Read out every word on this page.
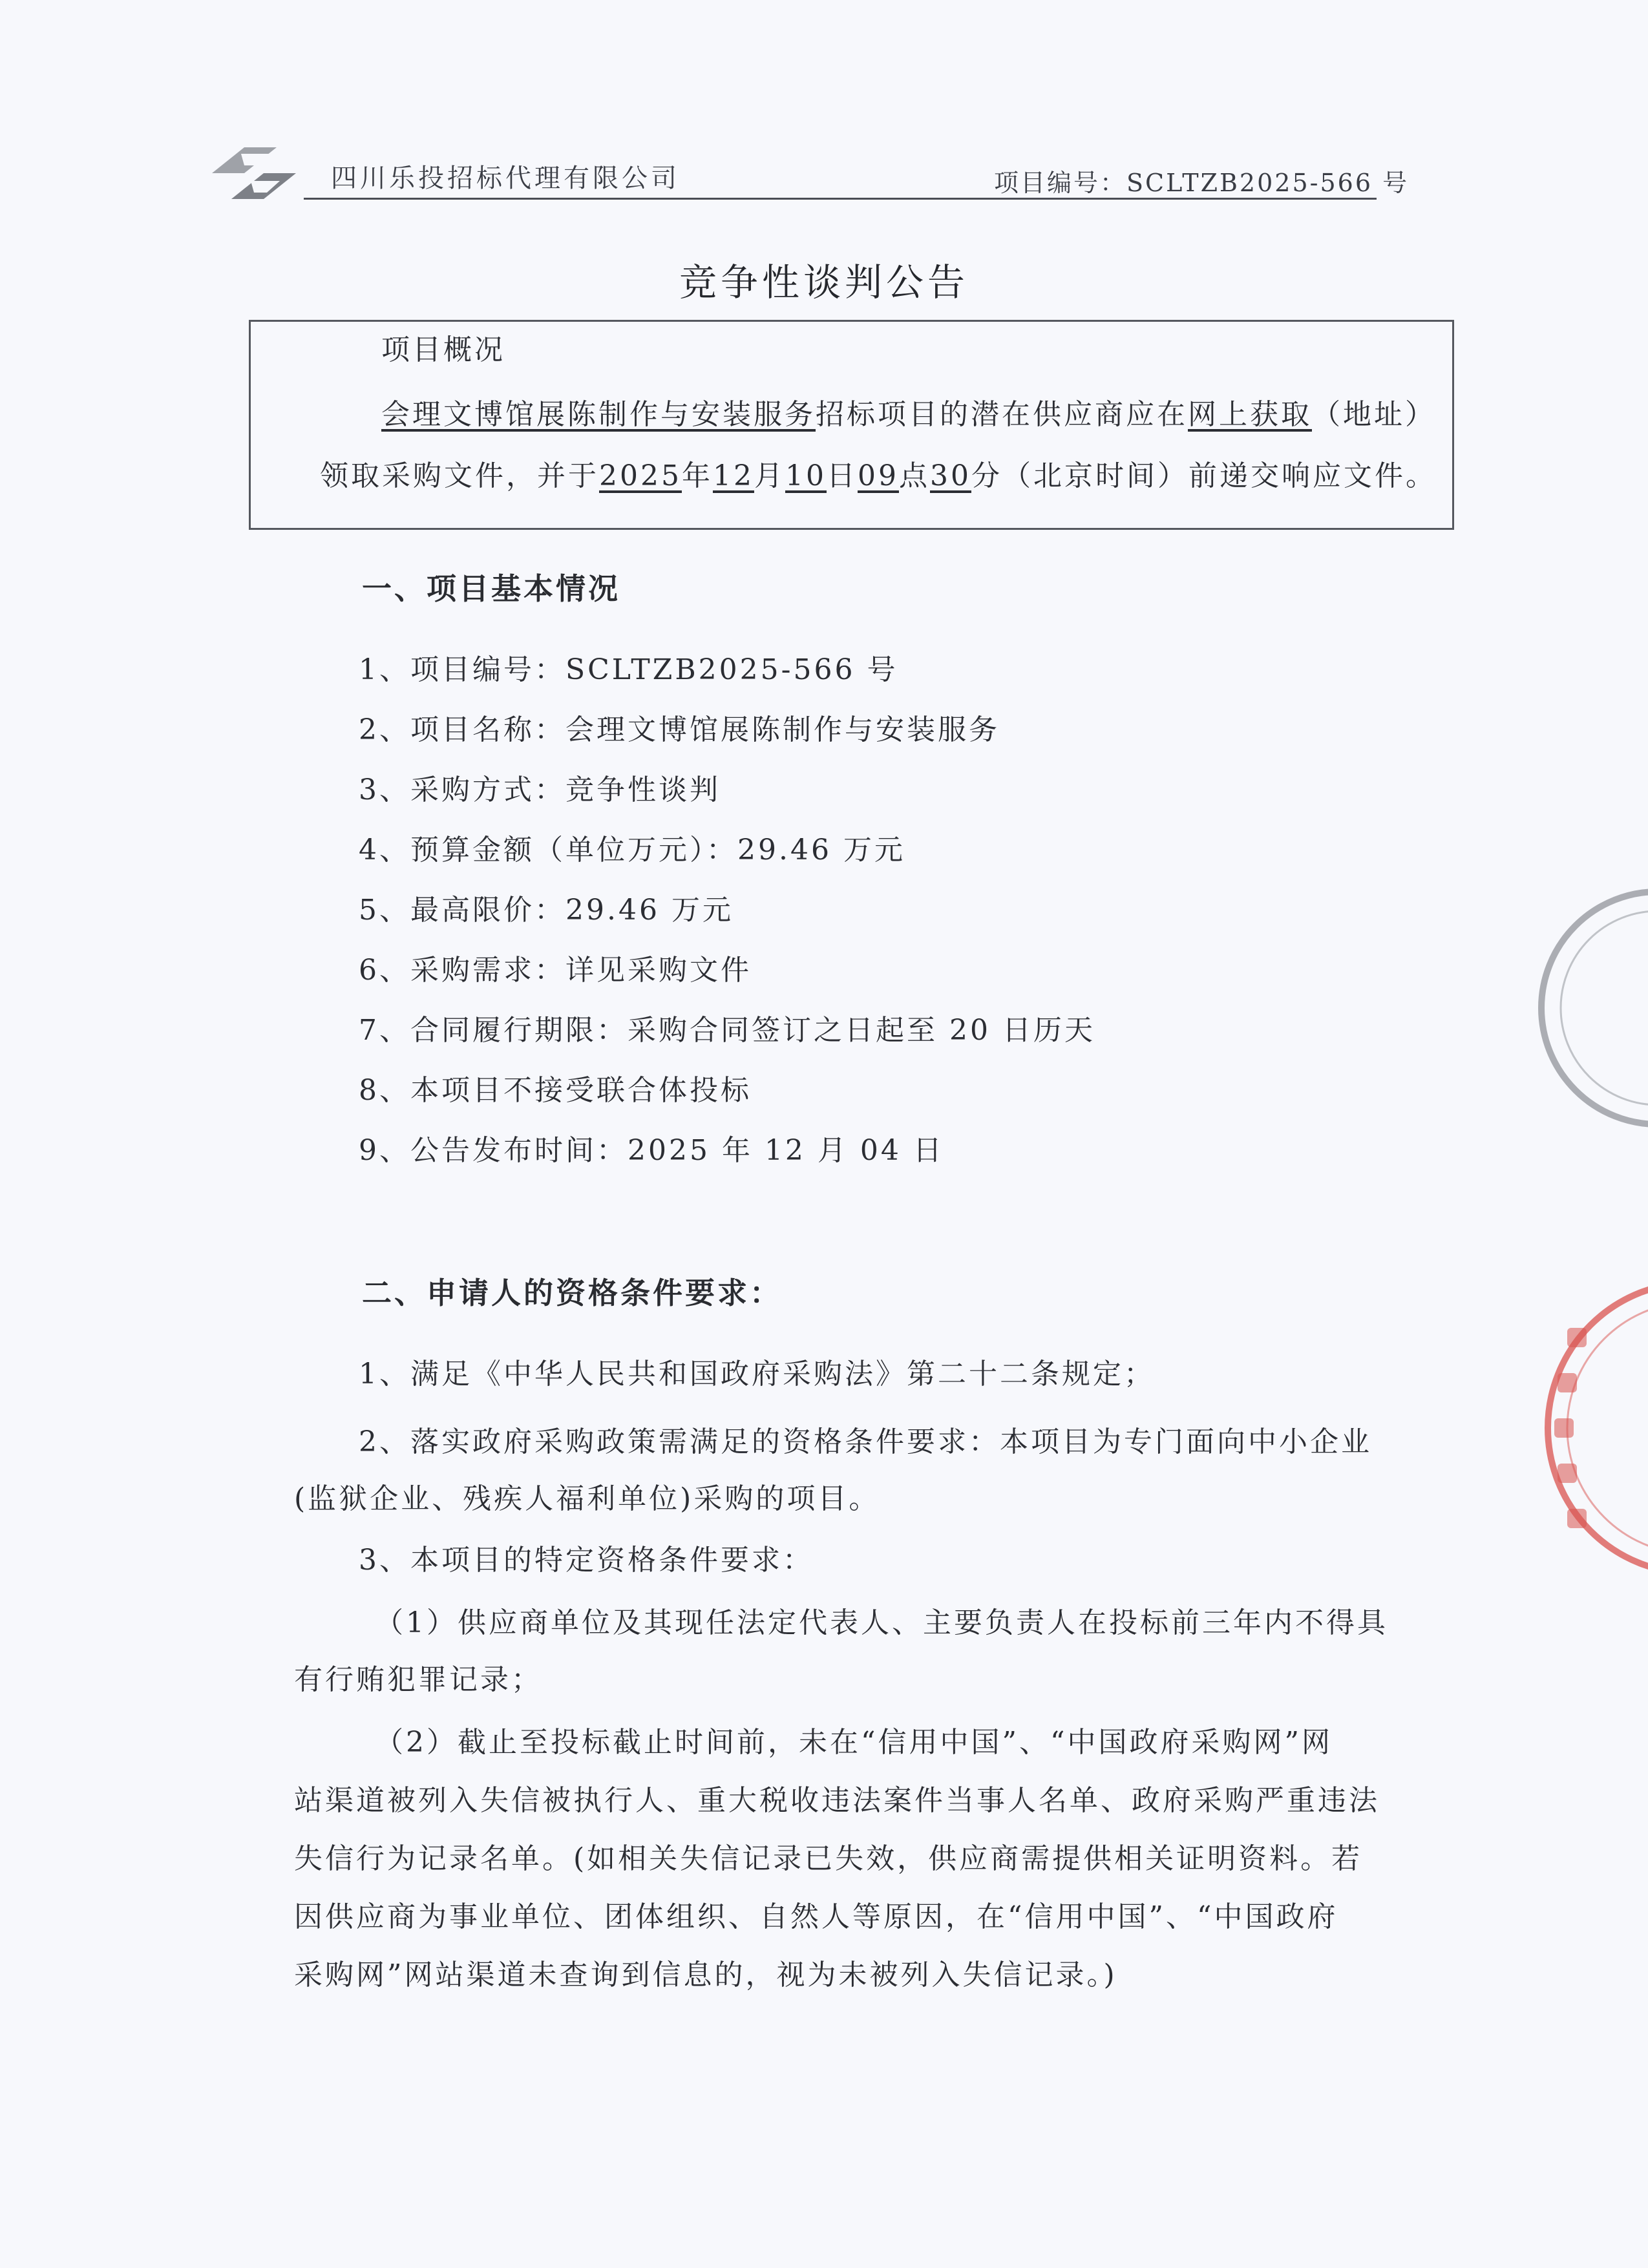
四川乐投招标代理有限公司	项目编号：SCLTZB2025-566 号
竞争性谈判公告
项目概况
会理文博馆展陈制作与安装服务招标项目的潜在供应商应在网上获取（地址）
领取采购文件，并于2025年12月10日09点30分（北京时间）前递交响应文件。
一、项目基本情况
1、项目编号：SCLTZB2025-566 号
2、项目名称：会理文博馆展陈制作与安装服务
3、采购方式：竞争性谈判
4、预算金额（单位万元）：29.46 万元
5、最高限价：29.46 万元
6、采购需求：详见采购文件
7、合同履行期限：采购合同签订之日起至 20 日历天
8、本项目不接受联合体投标
9、公告发布时间：2025 年 12 月 04 日
二、申请人的资格条件要求：
1、满足《中华人民共和国政府采购法》第二十二条规定；
2、落实政府采购政策需满足的资格条件要求：本项目为专门面向中小企业
(监狱企业、残疾人福利单位)采购的项目。
3、本项目的特定资格条件要求：
（1）供应商单位及其现任法定代表人、主要负责人在投标前三年内不得具
有行贿犯罪记录；
（2）截止至投标截止时间前，未在“信用中国”、“中国政府采购网”网
站渠道被列入失信被执行人、重大税收违法案件当事人名单、政府采购严重违法
失信行为记录名单。(如相关失信记录已失效，供应商需提供相关证明资料。若
因供应商为事业单位、团体组织、自然人等原因，在“信用中国”、“中国政府
采购网”网站渠道未查询到信息的，视为未被列入失信记录。)
